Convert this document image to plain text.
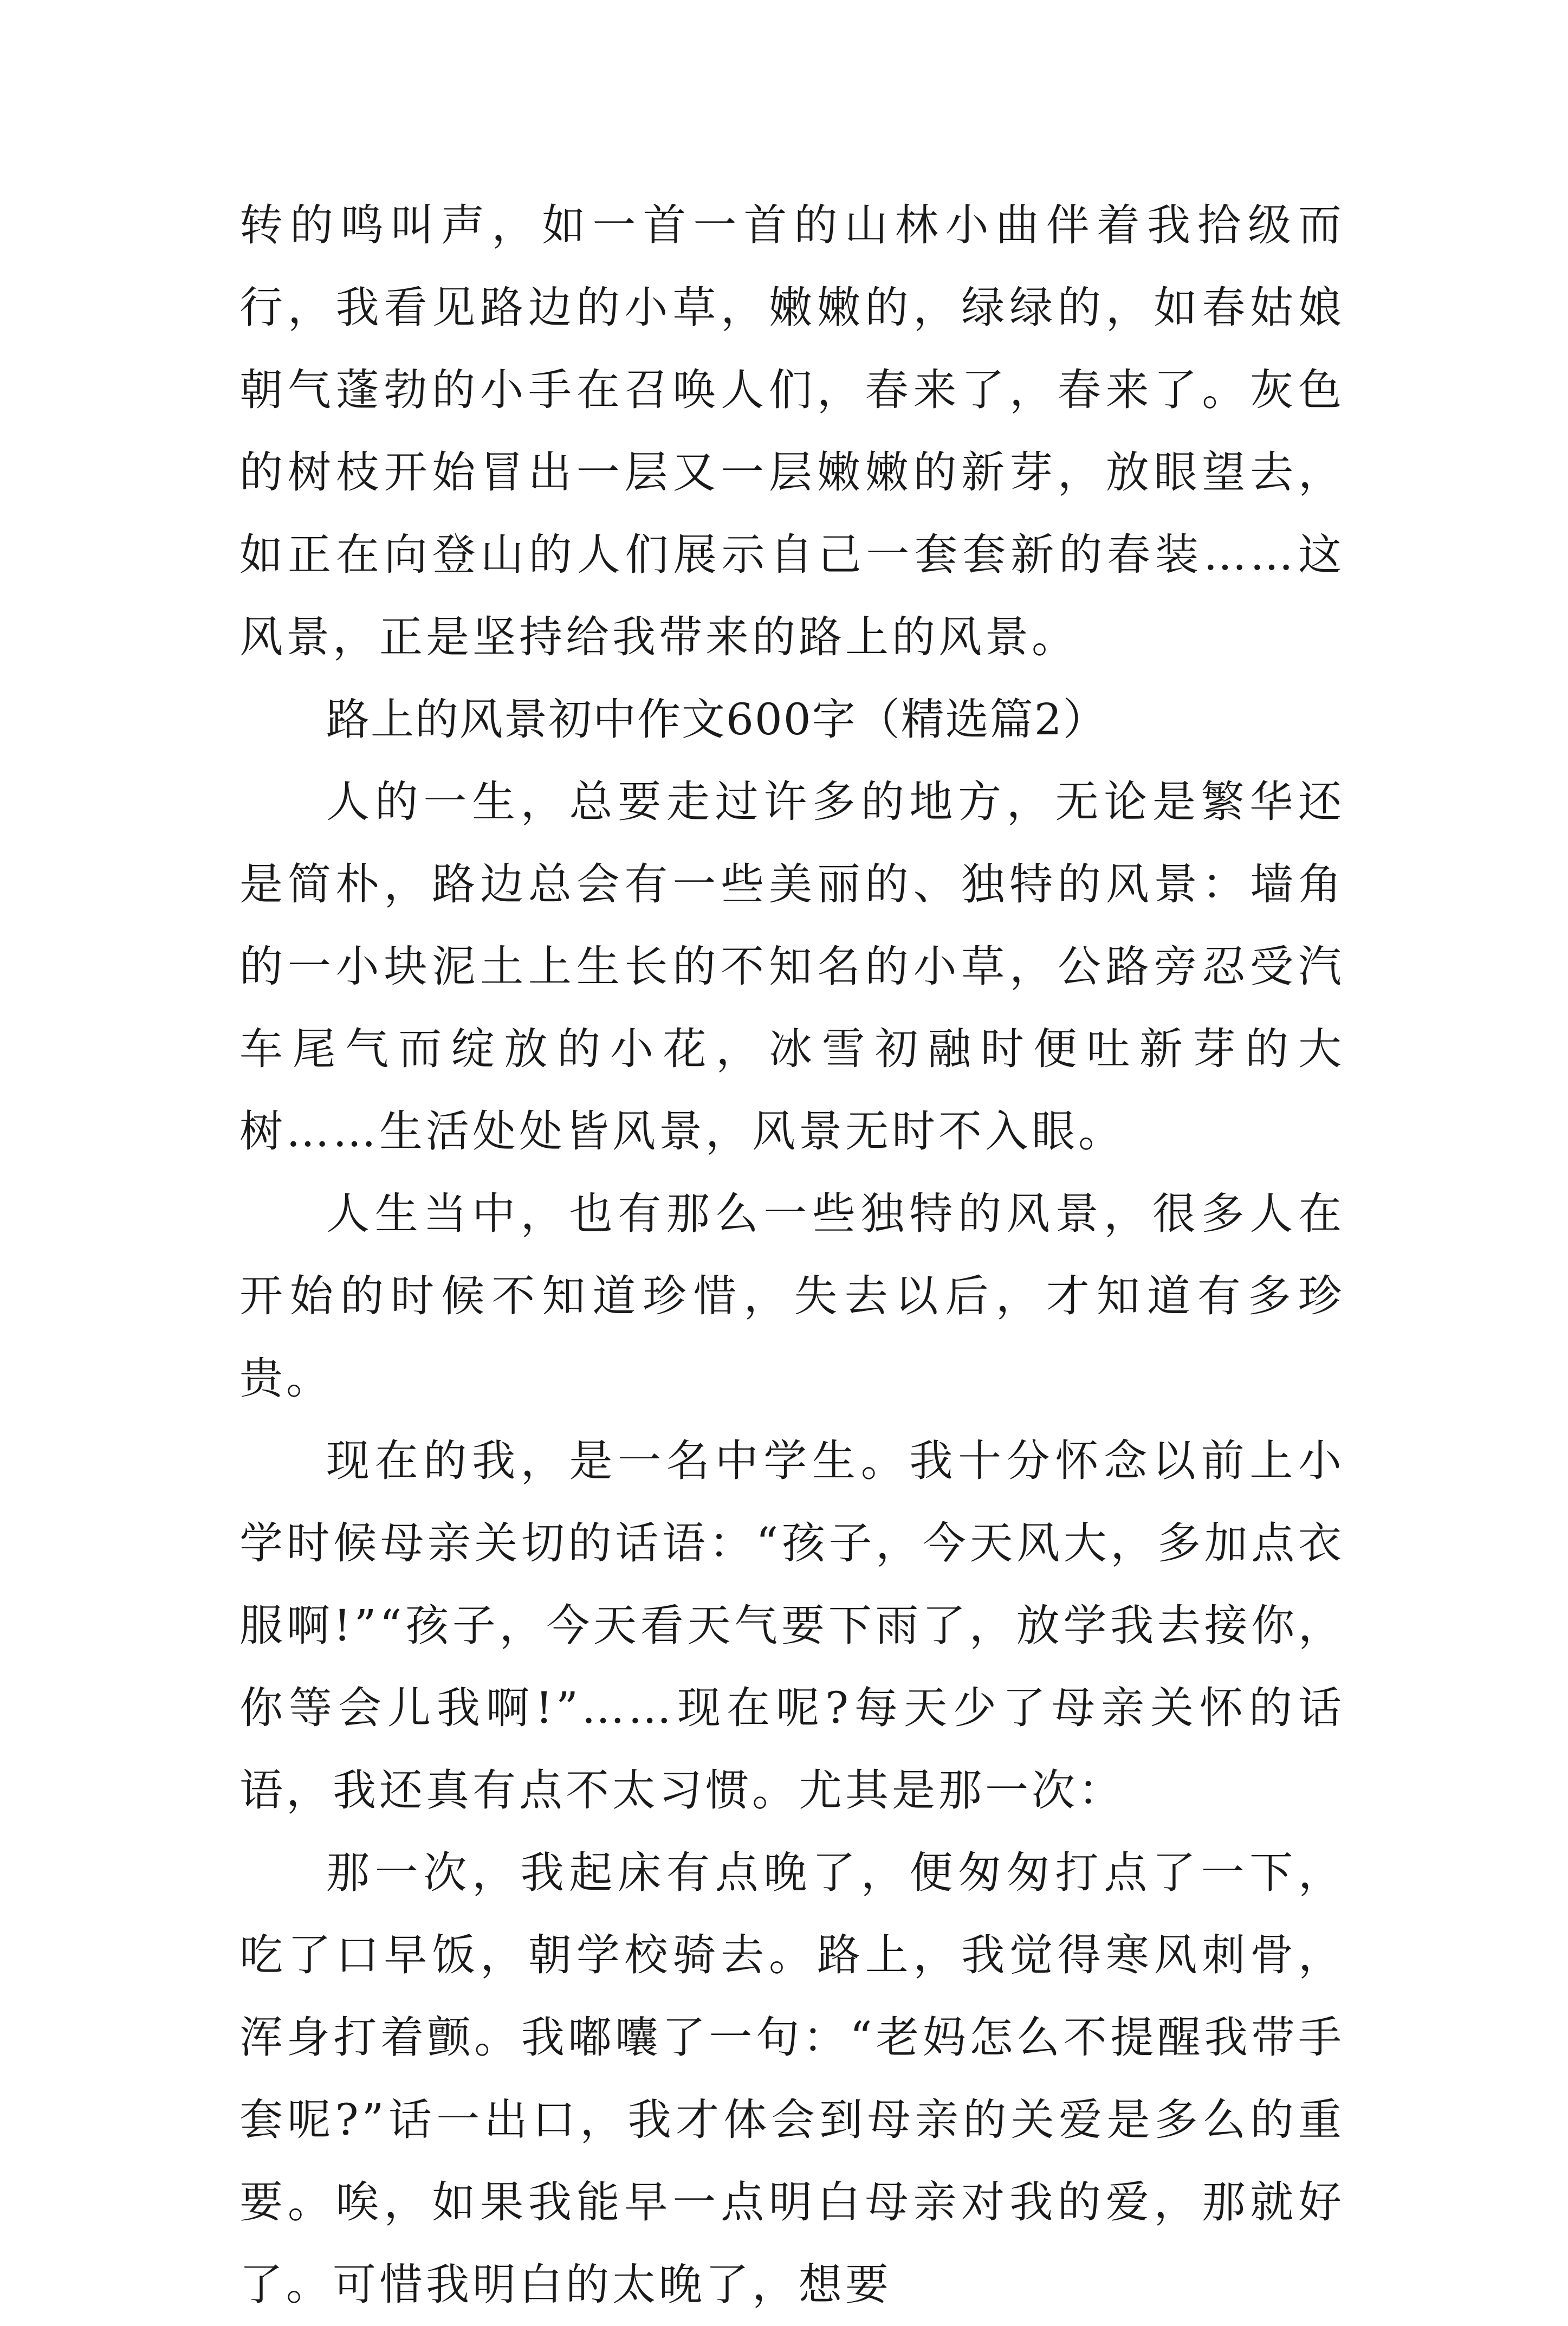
转的鸣叫声，如一首一首的山林小曲伴着我拾级而行，我看见路边的小草，嫩嫩的，绿绿的，如春姑娘朝气蓬勃的小手在召唤人们，春来了，春来了。灰色的树枝开始冒出一层又一层嫩嫩的新芽，放眼望去，如正在向登山的人们展示自己一套套新的春装……这风景，正是坚持给我带来的路上的风景。

路上的风景初中作文600字（精选篇2）

人的一生，总要走过许多的地方，无论是繁华还是简朴，路边总会有一些美丽的、独特的风景：墙角的一小块泥土上生长的不知名的小草，公路旁忍受汽车尾气而绽放的小花，冰雪初融时便吐新芽的大树……生活处处皆风景，风景无时不入眼。

人生当中，也有那么一些独特的风景，很多人在开始的时候不知道珍惜，失去以后，才知道有多珍贵。

现在的我，是一名中学生。我十分怀念以前上小学时候母亲关切的话语：“孩子，今天风大，多加点衣服啊!”“孩子，今天看天气要下雨了，放学我去接你，你等会儿我啊!”……现在呢?每天少了母亲关怀的话语，我还真有点不太习惯。尤其是那一次：

那一次，我起床有点晚了，便匆匆打点了一下，吃了口早饭，朝学校骑去。路上，我觉得寒风刺骨，浑身打着颤。我嘟囔了一句：“老妈怎么不提醒我带手套呢?”话一出口，我才体会到母亲的关爱是多么的重要。唉，如果我能早一点明白母亲对我的爱，那就好了。可惜我明白的太晚了，想要
